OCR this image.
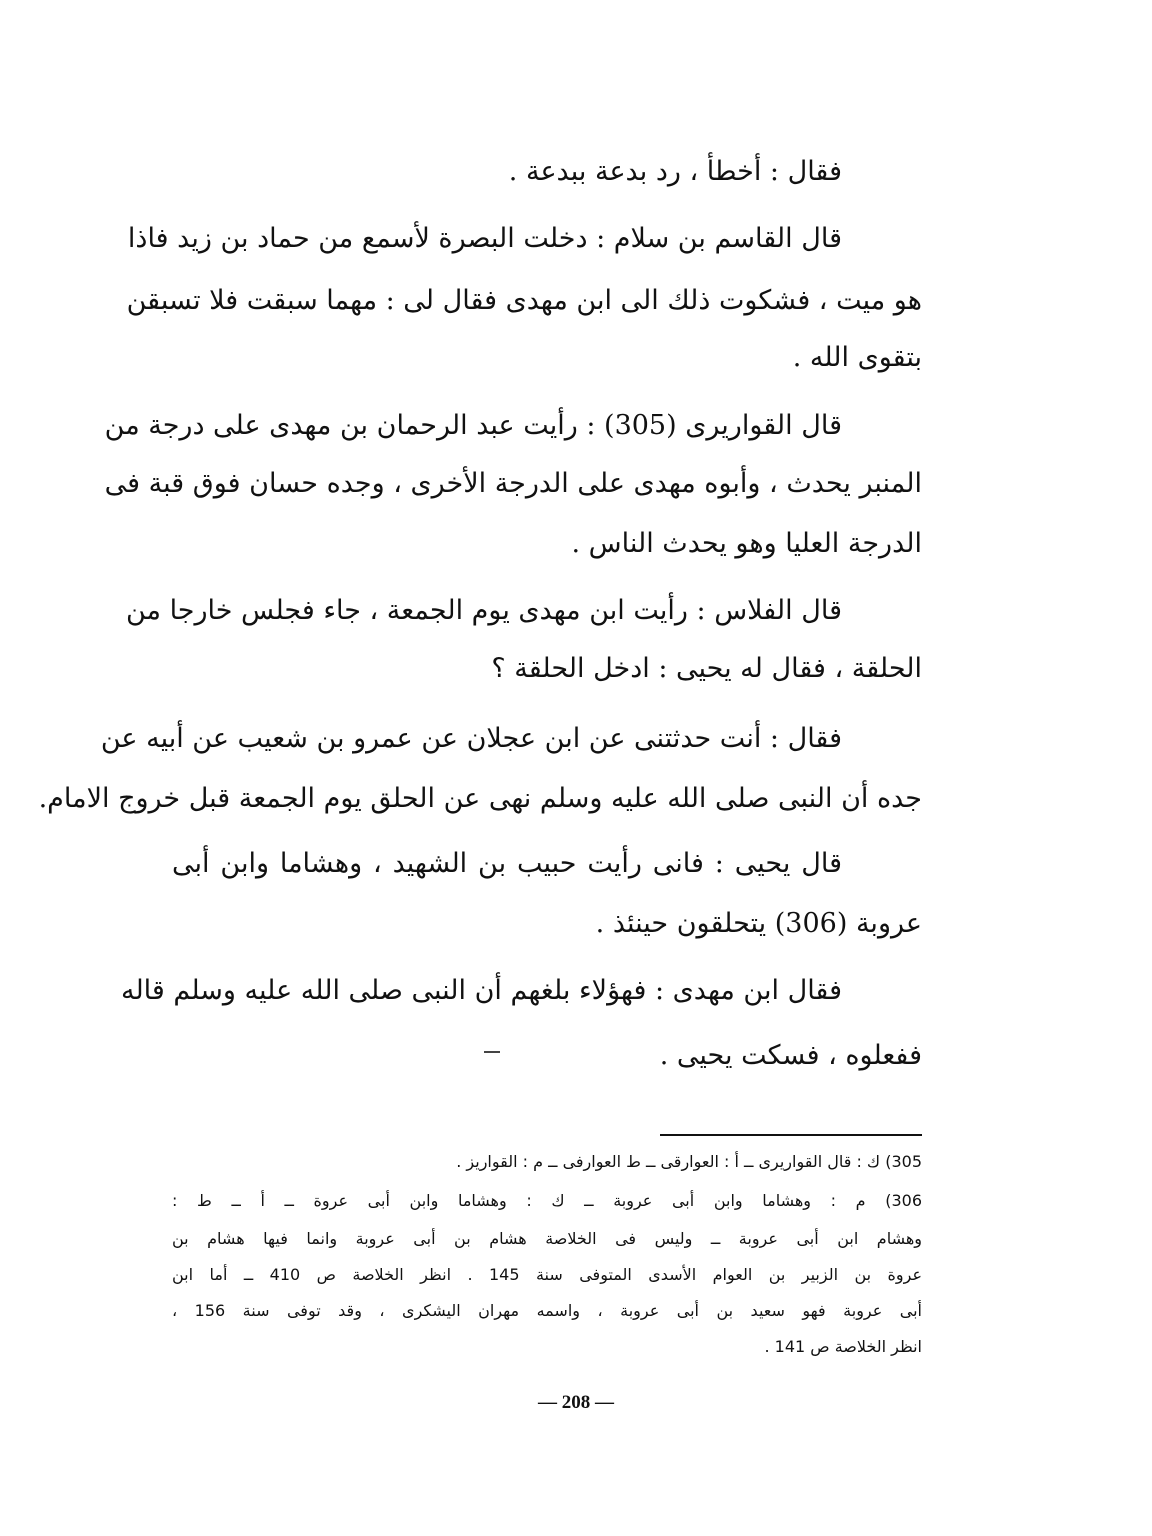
فقال : أخطأ ، رد بدعة ببدعة .
قال القاسم بن سلام : دخلت البصرة لأسمع من حماد بن زيد فاذا
هو ميت ، فشكوت ذلك الى ابن مهدى فقال لى : مهما سبقت فلا تسبقن
بتقوى الله .
قال القواريرى (305) : رأيت عبد الرحمان بن مهدى على درجة من
المنبر يحدث ، وأبوه مهدى على الدرجة الأخرى ، وجده حسان فوق قبة فى
الدرجة العليا وهو يحدث الناس .
قال الفلاس : رأيت ابن مهدى يوم الجمعة ، جاء فجلس خارجا من
الحلقة ، فقال له يحيى : ادخل الحلقة ؟
فقال : أنت حدثتنى عن ابن عجلان عن عمرو بن شعيب عن أبيه عن
جده أن النبى صلى الله عليه وسلم نهى عن الحلق يوم الجمعة قبل خروج الامام.
قال يحيى : فانى رأيت حبيب بن الشهيد ، وهشاما وابن أبى
عروبة (306) يتحلقون حينئذ .
فقال ابن مهدى : فهؤلاء بلغهم أن النبى صلى الله عليه وسلم قاله
ففعلوه ، فسكت يحيى .
305) ك : قال القواريرى ــ أ : العوارقى ــ ط العوارفى ــ م : القواريز .
306) م : وهشاما وابن أبى عروبة ــ ك : وهشاما وابن أبى عروة ــ أ ــ ط :
وهشام ابن أبى عروبة ــ وليس فى الخلاصة هشام بن أبى عروبة وانما فيها هشام بن
عروة بن الزبير بن العوام الأسدى المتوفى سنة 145 . انظر الخلاصة ص 410 ــ أما ابن
أبى عروبة فهو سعيد بن أبى عروبة ، واسمه مهران اليشكرى ، وقد توفى سنة 156 ،
انظر الخلاصة ص 141 .
— 208 —
